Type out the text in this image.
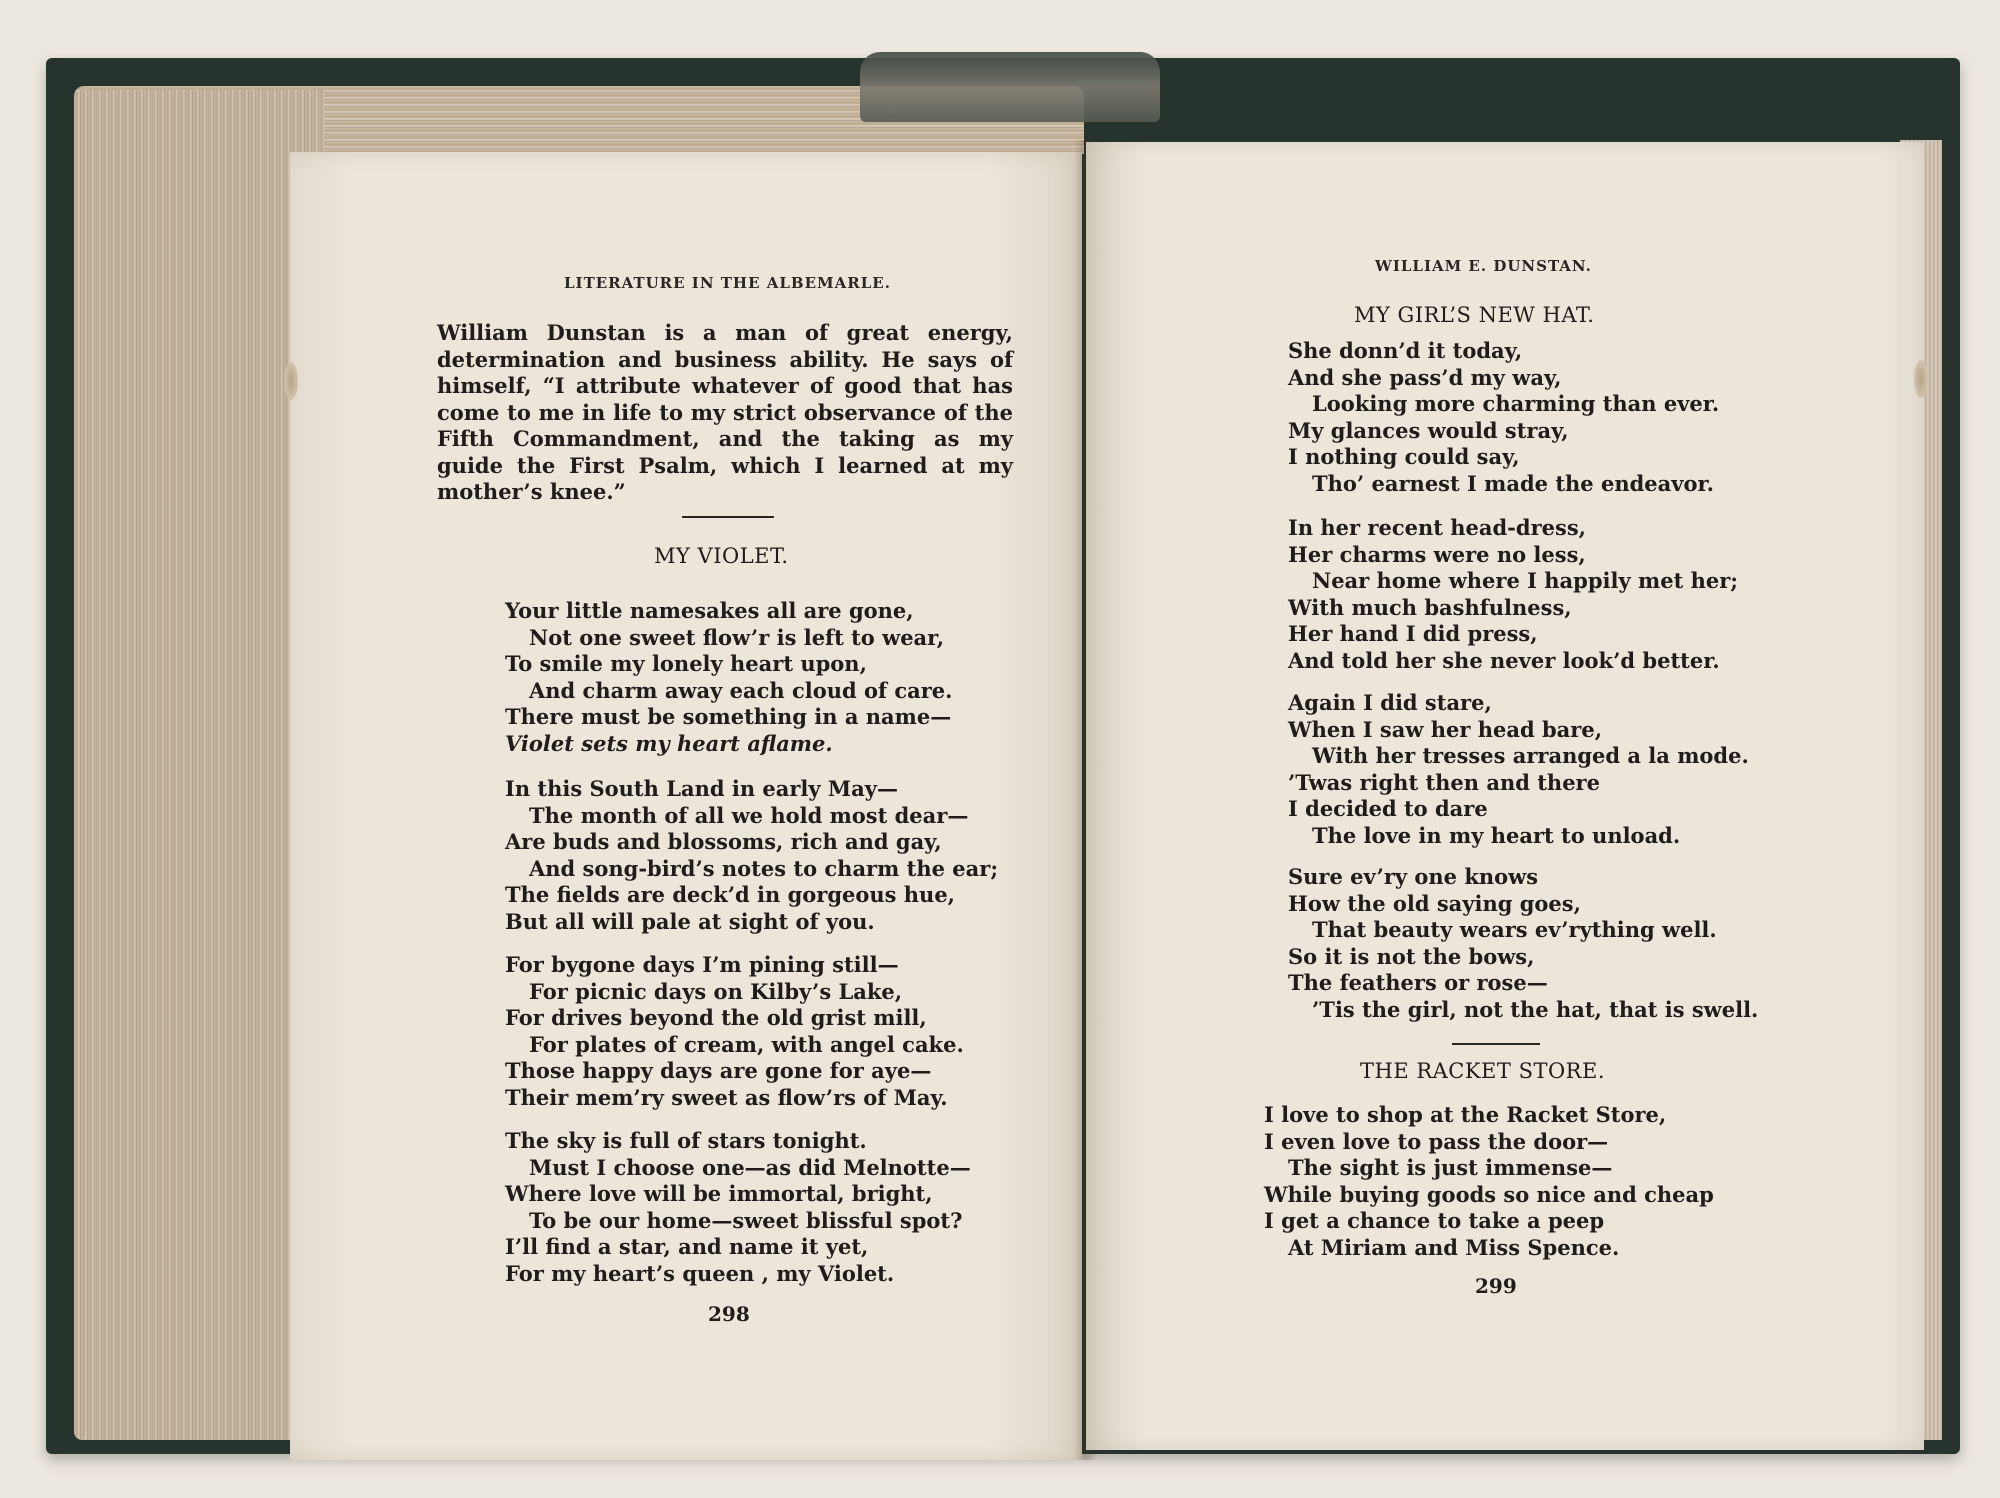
LITERATURE IN THE ALBEMARLE.

William Dunstan is a man of great energy, determination and business ability. He says of himself, “I attribute whatever of good that has come to me in life to my strict observance of the Fifth Commandment, and the taking as my guide the First Psalm, which I learned at my mother’s knee.”

MY VIOLET.
Your little namesakes all are gone,
Not one sweet flow’r is left to wear,
To smile my lonely heart upon,
And charm away each cloud of care.
There must be something in a name—
Violet sets my heart aflame.
In this South Land in early May—
The month of all we hold most dear—
Are buds and blossoms, rich and gay,
And song-bird’s notes to charm the ear;
The fields are deck’d in gorgeous hue,
But all will pale at sight of you.
For bygone days I’m pining still—
For picnic days on Kilby’s Lake,
For drives beyond the old grist mill,
For plates of cream, with angel cake.
Those happy days are gone for aye—
Their mem’ry sweet as flow’rs of May.
The sky is full of stars tonight.
Must I choose one—as did Melnotte—
Where love will be immortal, bright,
To be our home—sweet blissful spot?
I’ll find a star, and name it yet,
For my heart’s queen , my Violet.
298
WILLIAM E. DUNSTAN.
MY GIRL’S NEW HAT.
She donn’d it today,
And she pass’d my way,
Looking more charming than ever.
My glances would stray,
I nothing could say,
Tho’ earnest I made the endeavor.
In her recent head-dress,
Her charms were no less,
Near home where I happily met her;
With much bashfulness,
Her hand I did press,
And told her she never look’d better.
Again I did stare,
When I saw her head bare,
With her tresses arranged a la mode.
’Twas right then and there
I decided to dare
The love in my heart to unload.
Sure ev’ry one knows
How the old saying goes,
That beauty wears ev’rything well.
So it is not the bows,
The feathers or rose—
’Tis the girl, not the hat, that is swell.
THE RACKET STORE.
I love to shop at the Racket Store,
I even love to pass the door—
The sight is just immense—
While buying goods so nice and cheap
I get a chance to take a peep
At Miriam and Miss Spence.
299
